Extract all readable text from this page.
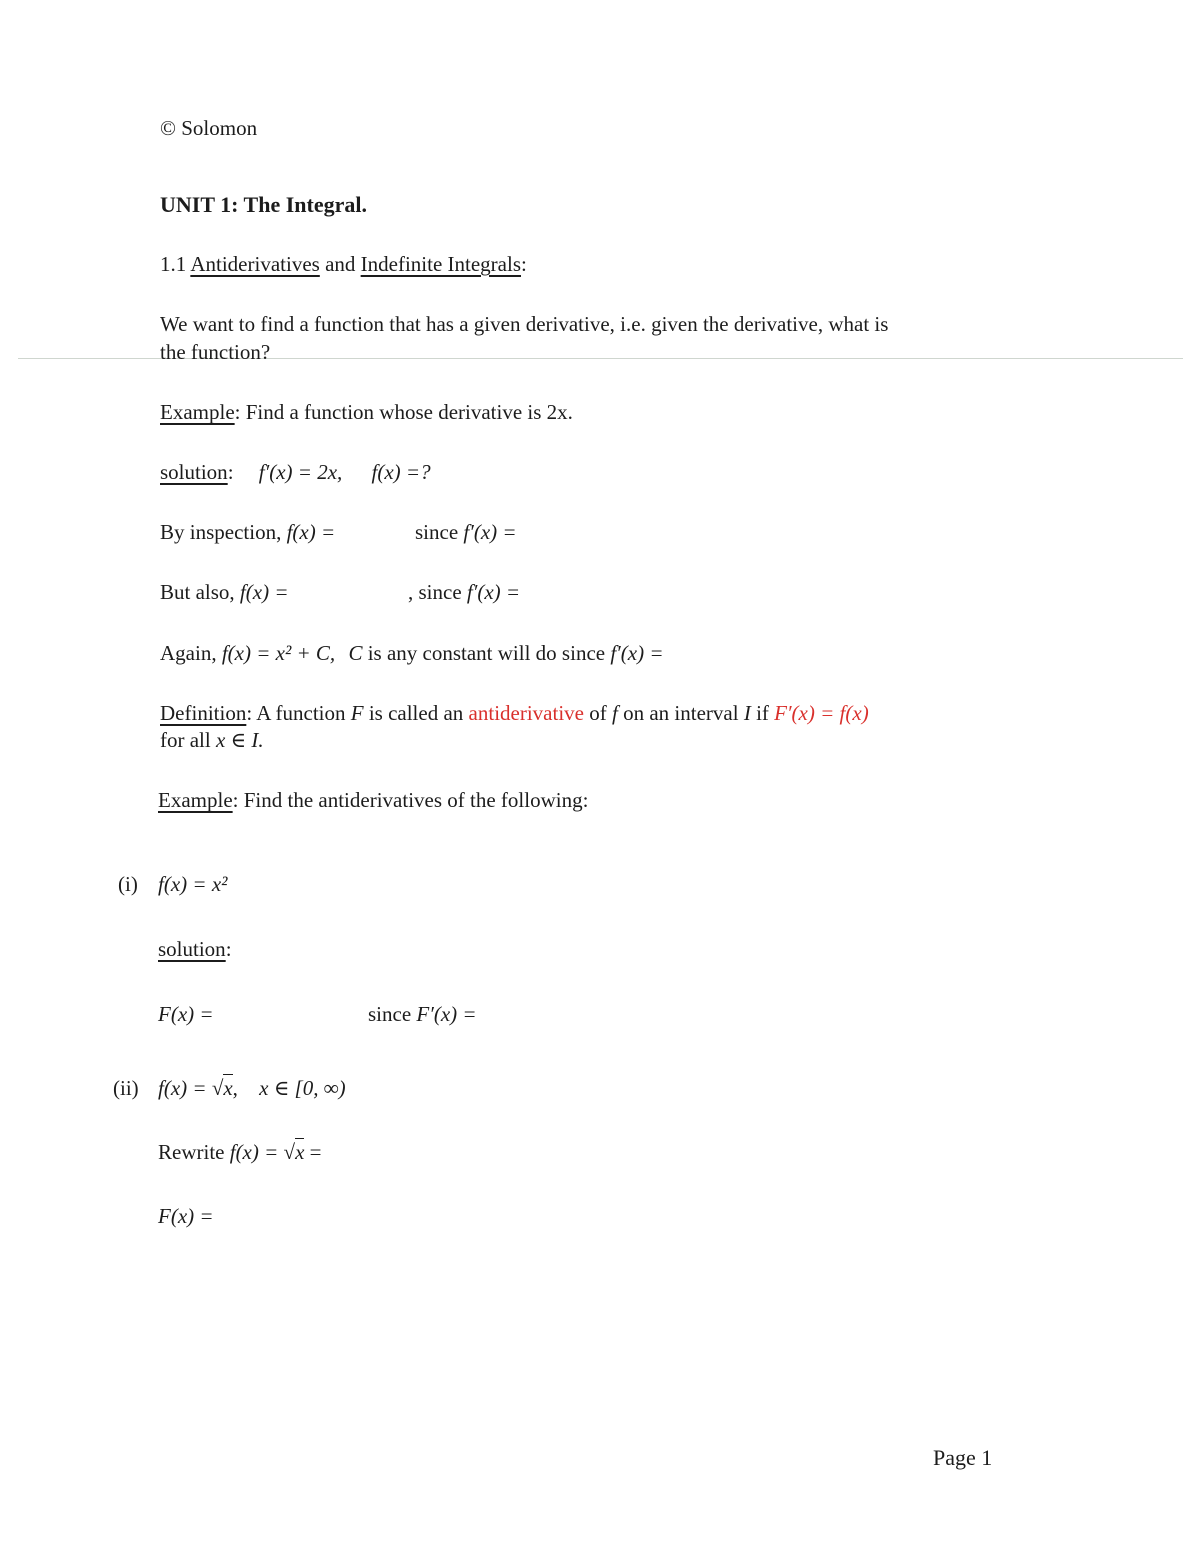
© Solomon
UNIT 1: The Integral.
1.1 Antiderivatives and Indefinite Integrals:
We want to find a function that has a given derivative, i.e. given the derivative, what is
the function?
Example: Find a function whose derivative is 2x.
solution: f′(x) = 2x, f(x) =?
By inspection, f(x) =	since f′(x) =
But also, f(x) =	, since f′(x) =
Again, f(x) = x² + C, C is any constant will do since f′(x) =
Definition: A function F is called an antiderivative of f on an interval I if F′(x) = f(x)
for all x ∈ I.
Example: Find the antiderivatives of the following:
(i) f(x) = x²
solution:
F(x) =	since F′(x) =
(ii) f(x) = √x, x ∈ [0, ∞)
Rewrite f(x) = √x =
F(x) =
Page 1
